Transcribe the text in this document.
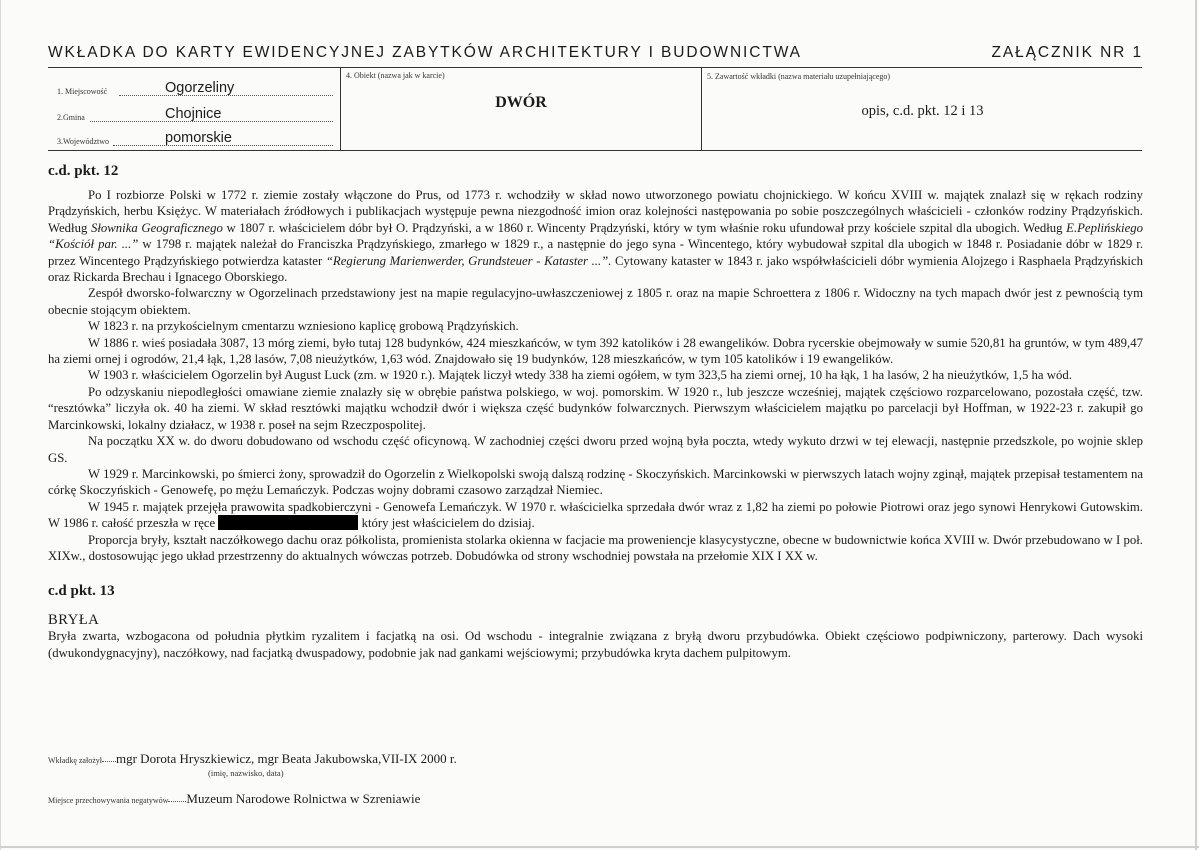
WKŁADKA DO KARTY EWIDENCYJNEJ ZABYTKÓW ARCHITEKTURY I BUDOWNICTWA	ZAŁĄCZNIK NR 1
1. Miejscowość	Ogorzeliny
2.Gmina	Chojnice
3.Województwo	pomorskie
4. Obiekt (nazwa jak w karcie)
DWÓR
5. Zawartość wkładki (nazwa materiału uzupełniającego)
opis, c.d. pkt. 12 i 13
c.d. pkt. 12

Po I rozbiorze Polski w 1772 r. ziemie zostały włączone do Prus, od 1773 r. wchodziły w skład nowo utworzonego powiatu chojnickiego. W końcu XVIII w. majątek znalazł się w rękach rodziny Prądzyńskich, herbu Księżyc. W materiałach źródłowych i publikacjach występuje pewna niezgodność imion oraz kolejności następowania po sobie poszczególnych właścicieli - członków rodziny Prądzyńskich. Według Słownika Geograficznego w 1807 r. właścicielem dóbr był O. Prądzyński, a w 1860 r. Wincenty Prądzyński, który w tym właśnie roku ufundował przy kościele szpital dla ubogich. Według E.Peplińskiego “Kościół par. ...” w 1798 r. majątek należał do Franciszka Prądzyńskiego, zmarłego w 1829 r., a następnie do jego syna - Wincentego, który wybudował szpital dla ubogich w 1848 r. Posiadanie dóbr w 1829 r. przez Wincentego Prądzyńskiego potwierdza kataster “Regierung Marienwerder, Grundsteuer - Kataster ...”. Cytowany kataster w 1843 r. jako współwłaścicieli dóbr wymienia Alojzego i Rasphaela Prądzyńskich oraz Rickarda Brechau i Ignacego Oborskiego.

Zespół dworsko-folwarczny w Ogorzelinach przedstawiony jest na mapie regulacyjno-uwłaszczeniowej z 1805 r. oraz na mapie Schroettera z 1806 r. Widoczny na tych mapach dwór jest z pewnością tym obecnie stojącym obiektem.

W 1823 r. na przykościelnym cmentarzu wzniesiono kaplicę grobową Prądzyńskich.

W 1886 r. wieś posiadała 3087, 13 mórg ziemi, było tutaj 128 budynków, 424 mieszkańców, w tym 392 katolików i 28 ewangelików. Dobra rycerskie obejmowały w sumie 520,81 ha gruntów, w tym 489,47 ha ziemi ornej i ogrodów, 21,4 łąk, 1,28 lasów, 7,08 nieużytków, 1,63 wód. Znajdowało się 19 budynków, 128 mieszkańców, w tym 105 katolików i 19 ewangelików.

W 1903 r. właścicielem Ogorzelin był August Luck (zm. w 1920 r.). Majątek liczył wtedy 338 ha ziemi ogółem, w tym 323,5 ha ziemi ornej, 10 ha łąk, 1 ha lasów, 2 ha nieużytków, 1,5 ha wód.

Po odzyskaniu niepodległości omawiane ziemie znalazły się w obrębie państwa polskiego, w woj. pomorskim. W 1920 r., lub jeszcze wcześniej, majątek częściowo rozparcelowano, pozostała część, tzw. “resztówka” liczyła ok. 40 ha ziemi. W skład resztówki majątku wchodził dwór i większa część budynków folwarcznych. Pierwszym właścicielem majątku po parcelacji był Hoffman, w 1922-23 r. zakupił go Marcinkowski, lokalny działacz, w 1938 r. poseł na sejm Rzeczpospolitej.

Na początku XX w. do dworu dobudowano od wschodu część oficynową. W zachodniej części dworu przed wojną była poczta, wtedy wykuto drzwi w tej elewacji, następnie przedszkole, po wojnie sklep GS.

W 1929 r. Marcinkowski, po śmierci żony, sprowadził do Ogorzelin z Wielkopolski swoją dalszą rodzinę - Skoczyńskich. Marcinkowski w pierwszych latach wojny zginął, majątek przepisał testamentem na córkę Skoczyńskich - Genowefę, po mężu Lemańczyk. Podczas wojny dobrami czasowo zarządzał Niemiec.

W 1945 r. majątek przejęła prawowita spadkobierczyni - Genowefa Lemańczyk. W 1970 r. właścicielka sprzedała dwór wraz z 1,82 ha ziemi po połowie Piotrowi oraz jego synowi Henrykowi Gutowskim. W 1986 r. całość przeszła w ręce	który jest właścicielem do dzisiaj.

Proporcja bryły, kształt naczółkowego dachu oraz półkolista, promienista stolarka okienna w facjacie ma proweniencje klasycystyczne, obecne w budownictwie końca XVIII w. Dwór przebudowano w I poł. XIXw., dostosowując jego układ przestrzenny do aktualnych wówczas potrzeb. Dobudówka od strony wschodniej powstała na przełomie XIX I XX w.

c.d pkt. 13
BRYŁA

Bryła zwarta, wzbogacona od południa płytkim ryzalitem i facjatką na osi. Od wschodu - integralnie związana z bryłą dworu przybudówka. Obiekt częściowo podpiwniczony, parterowy. Dach wysoki (dwukondygnacyjny), naczółkowy, nad facjatką dwuspadowy, podobnie jak nad gankami wejściowymi; przybudówka kryta dachem pulpitowym.

Wkładkę założył mgr Dorota Hryszkiewicz, mgr Beata Jakubowska,VII-IX 2000 r.
(imię, nazwisko, data)
Miejsce przechowywania negatywów Muzeum Narodowe Rolnictwa w Szreniawie
